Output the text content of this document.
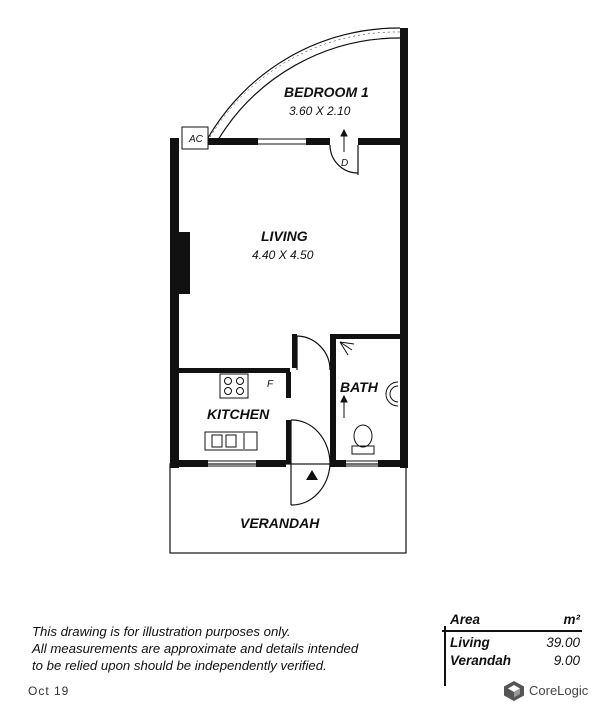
AC
D
F
BEDROOM 1
3.60 X 2.10
LIVING
4.40 X 4.50
KITCHEN
BATH
VERANDAH
This drawing is for illustration purposes only.
All measurements are approximate and details intended
to be relied upon should be independently verified.
Oct 19
Area	m²
Living	39.00
Verandah	9.00
CoreLogic
